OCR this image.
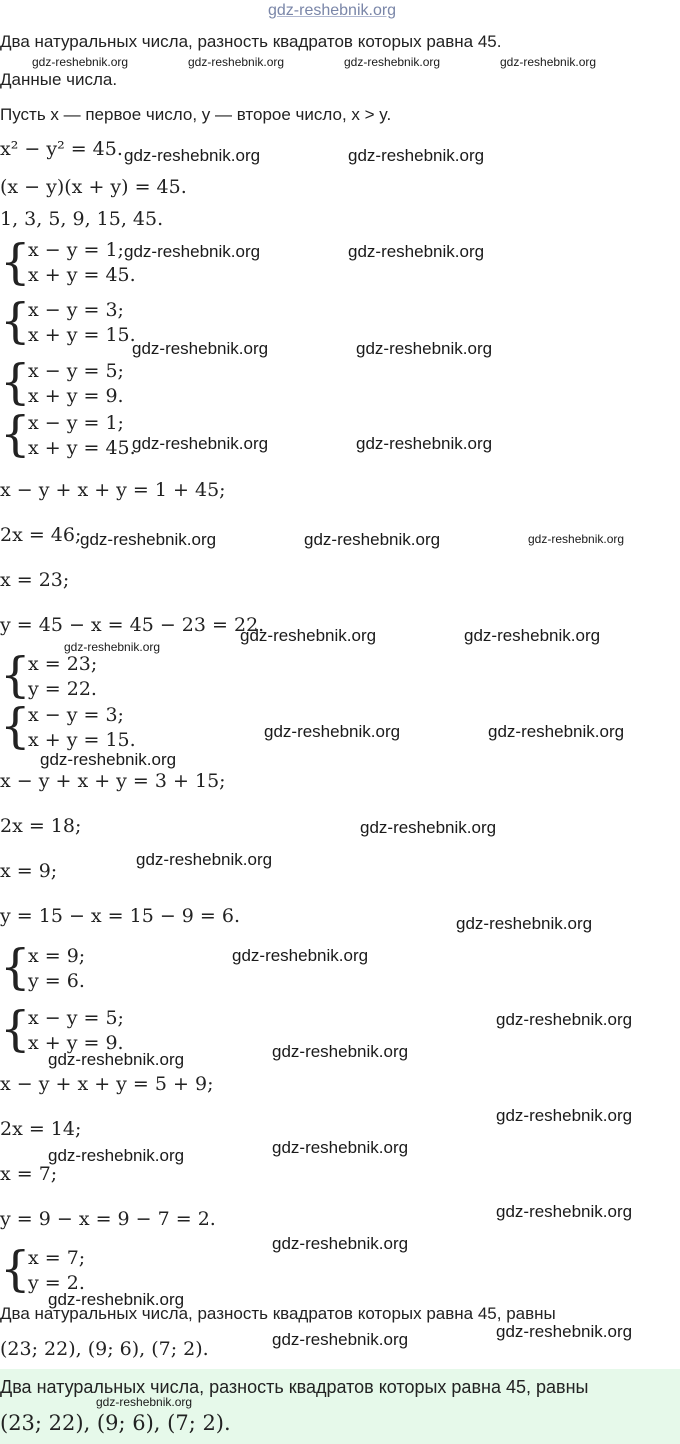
gdz-reshebnik.org
Два натуральных числа, разность квадратов которых равна 45.
Данные числа.
Пусть x — первое число, y — второе число, x > y.
x² − y² = 45.
(x − y)(x + y) = 45.
1, 3, 5, 9, 15, 45.
{
x − y = 1;
x + y = 45.
{
x − y = 3;
x + y = 15.
{
x − y = 5;
x + y = 9.
{
x − y = 1;
x + y = 45.
x − y + x + y = 1 + 45;
2x = 46;
x = 23;
y = 45 − x = 45 − 23 = 22.
{
x = 23;
y = 22.
{
x − y = 3;
x + y = 15.
x − y + x + y = 3 + 15;
2x = 18;
x = 9;
y = 15 − x = 15 − 9 = 6.
{
x = 9;
y = 6.
{
x − y = 5;
x + y = 9.
x − y + x + y = 5 + 9;
2x = 14;
x = 7;
y = 9 − x = 9 − 7 = 2.
{
x = 7;
y = 2.
Два натуральных числа, разность квадратов которых равна 45, равны
(23; 22), (9; 6), (7; 2).
Два натуральных числа, разность квадратов которых равна 45, равны
(23; 22), (9; 6), (7; 2).
gdz-reshebnik.org	gdz-reshebnik.org	gdz-reshebnik.org	gdz-reshebnik.org
gdz-reshebnik.org	gdz-reshebnik.org
gdz-reshebnik.org	gdz-reshebnik.org
gdz-reshebnik.org	gdz-reshebnik.org
gdz-reshebnik.org	gdz-reshebnik.org
gdz-reshebnik.org	gdz-reshebnik.org	gdz-reshebnik.org
gdz-reshebnik.org	gdz-reshebnik.org
gdz-reshebnik.org
gdz-reshebnik.org	gdz-reshebnik.org
gdz-reshebnik.org
gdz-reshebnik.org
gdz-reshebnik.org
gdz-reshebnik.org
gdz-reshebnik.org
gdz-reshebnik.org
gdz-reshebnik.org
gdz-reshebnik.org
gdz-reshebnik.org
gdz-reshebnik.org
gdz-reshebnik.org
gdz-reshebnik.org
gdz-reshebnik.org
gdz-reshebnik.org
gdz-reshebnik.org
gdz-reshebnik.org
gdz-reshebnik.org
